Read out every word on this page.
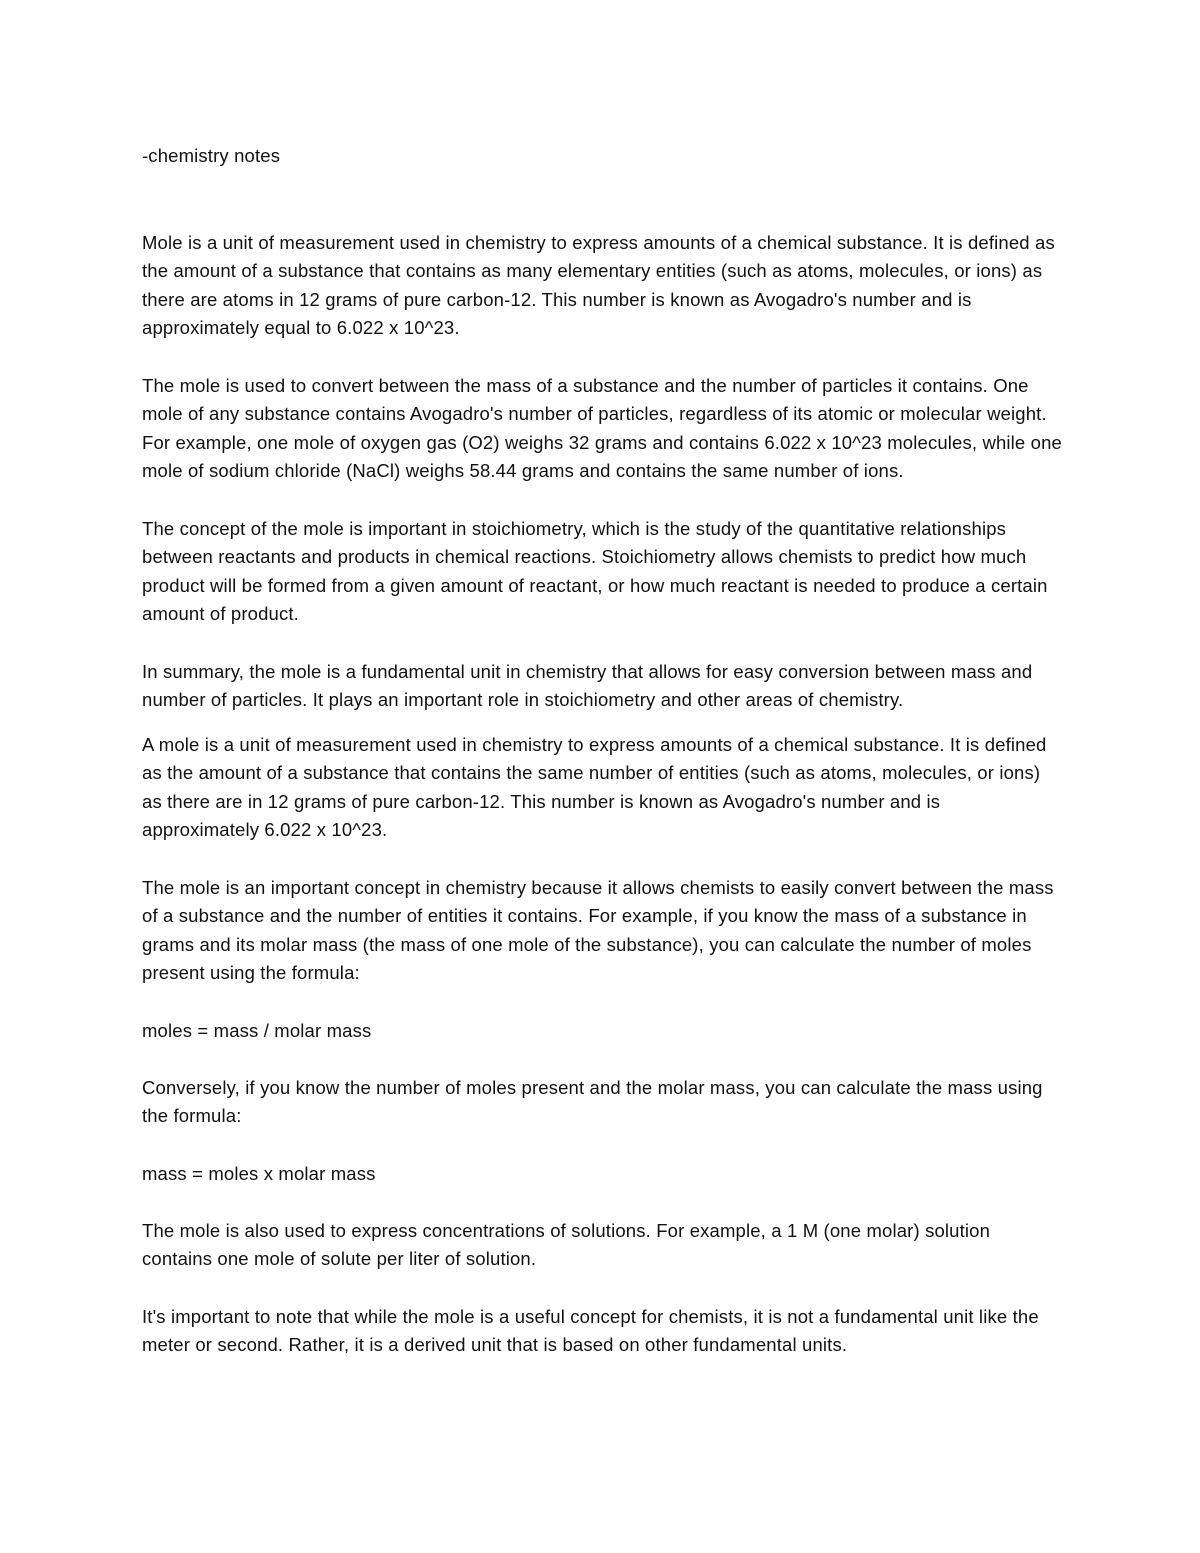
-chemistry notes

Mole is a unit of measurement used in chemistry to express amounts of a chemical substance. It is defined as the amount of a substance that contains as many elementary entities (such as atoms, molecules, or ions) as there are atoms in 12 grams of pure carbon-12. This number is known as Avogadro's number and is approximately equal to 6.022 x 10^23.

The mole is used to convert between the mass of a substance and the number of particles it contains. One mole of any substance contains Avogadro's number of particles, regardless of its atomic or molecular weight. For example, one mole of oxygen gas (O2) weighs 32 grams and contains 6.022 x 10^23 molecules, while one mole of sodium chloride (NaCl) weighs 58.44 grams and contains the same number of ions.

The concept of the mole is important in stoichiometry, which is the study of the quantitative relationships between reactants and products in chemical reactions. Stoichiometry allows chemists to predict how much product will be formed from a given amount of reactant, or how much reactant is needed to produce a certain amount of product.

In summary, the mole is a fundamental unit in chemistry that allows for easy conversion between mass and number of particles. It plays an important role in stoichiometry and other areas of chemistry.

A mole is a unit of measurement used in chemistry to express amounts of a chemical substance. It is defined as the amount of a substance that contains the same number of entities (such as atoms, molecules, or ions) as there are in 12 grams of pure carbon-12. This number is known as Avogadro's number and is approximately 6.022 x 10^23.

The mole is an important concept in chemistry because it allows chemists to easily convert between the mass of a substance and the number of entities it contains. For example, if you know the mass of a substance in grams and its molar mass (the mass of one mole of the substance), you can calculate the number of moles present using the formula:

moles = mass / molar mass

Conversely, if you know the number of moles present and the molar mass, you can calculate the mass using the formula:

mass = moles x molar mass

The mole is also used to express concentrations of solutions. For example, a 1 M (one molar) solution contains one mole of solute per liter of solution.

It's important to note that while the mole is a useful concept for chemists, it is not a fundamental unit like the meter or second. Rather, it is a derived unit that is based on other fundamental units.
